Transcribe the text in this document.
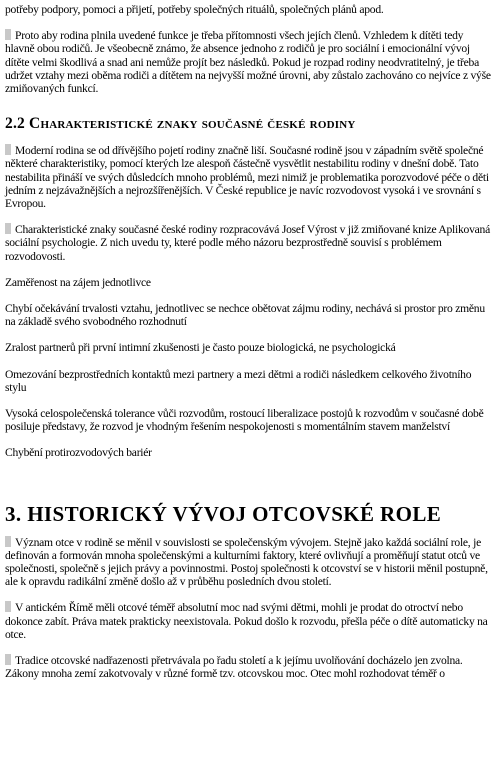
potřeby podpory, pomoci a přijetí, potřeby společných rituálů, společných plánů apod.

Proto aby rodina plnila uvedené funkce je třeba přítomnosti všech jejích členů. Vzhledem k dítěti tedy hlavně obou rodičů. Je všeobecně známo, že absence jednoho z rodičů je pro sociální i emocionální vývoj dítěte velmi škodlivá a snad ani nemůže projít bez následků. Pokud je rozpad rodiny neodvratitelný, je třeba udržet vztahy mezi oběma rodiči a dítětem na nejvyšší možné úrovni, aby zůstalo zachováno co nejvíce z výše zmiňovaných funkcí.

2.2 Charakteristické znaky současné české rodiny

Moderní rodina se od dřívějšího pojetí rodiny značně liší. Současné rodině jsou v západním světě společné některé charakteristiky, pomocí kterých lze alespoň částečně vysvětlit nestabilitu rodiny v dnešní době. Tato nestabilita přináší ve svých důsledcích mnoho problémů, mezi nimiž je problematika porozvodové péče o děti jedním z nejzávažnějších a nejrozšířenějších. V České republice je navíc rozvodovost vysoká i ve srovnání s Evropou.

Charakteristické znaky současné české rodiny rozpracovává Josef Výrost v již zmiňované knize Aplikovaná sociální psychologie. Z nich uvedu ty, které podle mého názoru bezprostředně souvisí s problémem rozvodovosti.

Zaměřenost na zájem jednotlivce

Chybí očekávání trvalosti vztahu, jednotlivec se nechce obětovat zájmu rodiny, nechává si prostor pro změnu na základě svého svobodného rozhodnutí

Zralost partnerů při první intimní zkušenosti je často pouze biologická, ne psychologická

Omezování bezprostředních kontaktů mezi partnery a mezi dětmi a rodiči následkem celkového životního stylu

Vysoká celospolečenská tolerance vůči rozvodům, rostoucí liberalizace postojů k rozvodům v současné době posiluje představy, že rozvod je vhodným řešením nespokojenosti s momentálním stavem manželství

Chybění protirozvodových bariér

3. HISTORICKÝ VÝVOJ OTCOVSKÉ ROLE

Význam otce v rodině se měnil v souvislosti se společenským vývojem. Stejně jako každá sociální role, je definován a formován mnoha společenskými a kulturními faktory, které ovlivňují a proměňují statut otců ve společnosti, společně s jejich právy a povinnostmi. Postoj společnosti k otcovství se v historii měnil postupně, ale k opravdu radikální změně došlo až v průběhu posledních dvou století.

V antickém Římě měli otcové téměř absolutní moc nad svými dětmi, mohli je prodat do otroctví nebo dokonce zabít. Práva matek prakticky neexistovala. Pokud došlo k rozvodu, přešla péče o dítě automaticky na otce.

Tradice otcovské nadřazenosti přetrvávala po řadu století a k jejímu uvolňování docházelo jen zvolna. Zákony mnoha zemí zakotvovaly v různé formě tzv. otcovskou moc. Otec mohl rozhodovat téměř o
